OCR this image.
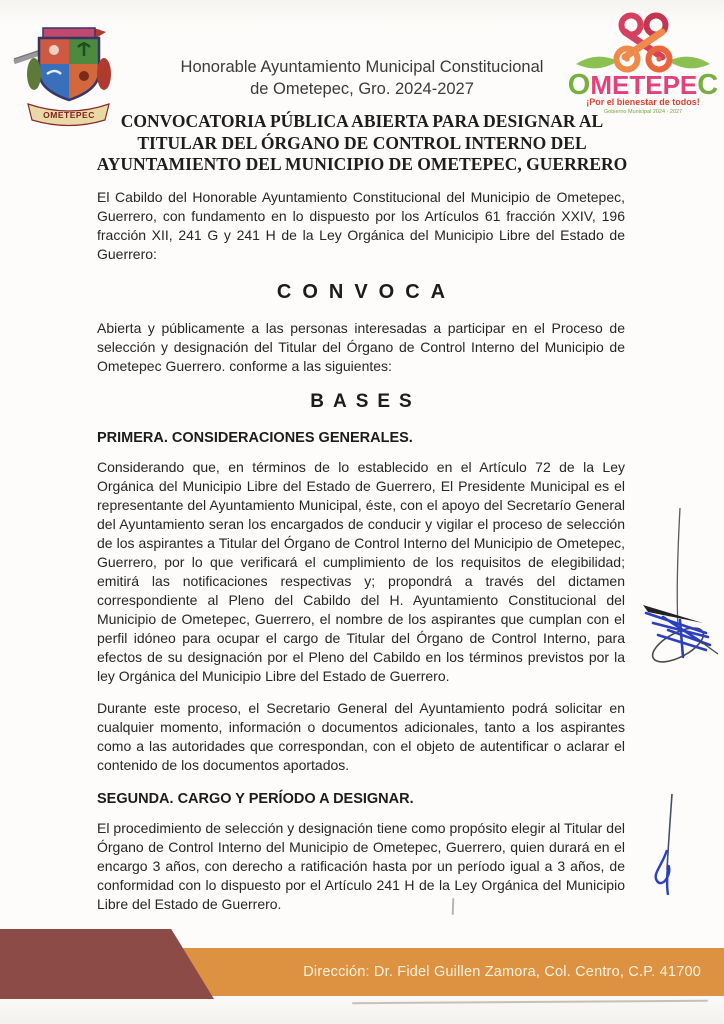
OMETEPEC
Honorable Ayuntamiento Municipal Constitucional
de Ometepec, Gro. 2024-2027	OMETEPEC
¡Por el bienestar de todos!
Gobierno Municipal 2024 - 2027
CONVOCATORIA PÚBLICA ABIERTA PARA DESIGNAR AL
TITULAR DEL ÓRGANO DE CONTROL INTERNO DEL
AYUNTAMIENTO DEL MUNICIPIO DE OMETEPEC, GUERRERO

El Cabildo del Honorable Ayuntamiento Constitucional del Municipio de Ometepec, Guerrero, con fundamento en lo dispuesto por los Artículos 61 fracción XXIV, 196 fracción XII, 241 G y 241 H de la Ley Orgánica del Municipio Libre del Estado de Guerrero:

CONVOCA

Abierta y públicamente a las personas interesadas a participar en el Proceso de selección y designación del Titular del Órgano de Control Interno del Municipio de Ometepec Guerrero. conforme a las siguientes:

BASES
PRIMERA. CONSIDERACIONES GENERALES.

Considerando que, en términos de lo establecido en el Artículo 72 de la Ley Orgánica del Municipio Libre del Estado de Guerrero, El Presidente Municipal es el representante del Ayuntamiento Municipal, éste, con el apoyo del Secretarío General del Ayuntamiento seran los encargados de conducir y vigilar el proceso de selección de los aspirantes a Titular del Órgano de Control Interno del Municipio de Ometepec, Guerrero, por lo que verificará el cumplimiento de los requisitos de elegibilidad; emitirá las notificaciones respectivas y; propondrá a través del dictamen correspondiente al Pleno del Cabildo del H. Ayuntamiento Constitucional del Municipio de Ometepec, Guerrero, el nombre de los aspirantes que cumplan con el perfil idóneo para ocupar el cargo de Titular del Órgano de Control Interno, para efectos de su designación por el Pleno del Cabildo en los términos previstos por la ley Orgánica del Municipio Libre del Estado de Guerrero.

Durante este proceso, el Secretario General del Ayuntamiento podrá solicitar en cualquier momento, información o documentos adicionales, tanto a los aspirantes como a las autoridades que correspondan, con el objeto de autentificar o aclarar el contenido de los documentos aportados.

SEGUNDA. CARGO Y PERÍODO A DESIGNAR.

El procedimiento de selección y designación tiene como propósito elegir al Titular del Órgano de Control Interno del Municipio de Ometepec, Guerrero, quien durará en el encargo 3 años, con derecho a ratificación hasta por un período igual a 3 años, de conformidad con lo dispuesto por el Artículo 241 H de la Ley Orgánica del Municipio Libre del Estado de Guerrero.

Dirección: Dr. Fidel Guillen Zamora, Col. Centro, C.P. 41700
